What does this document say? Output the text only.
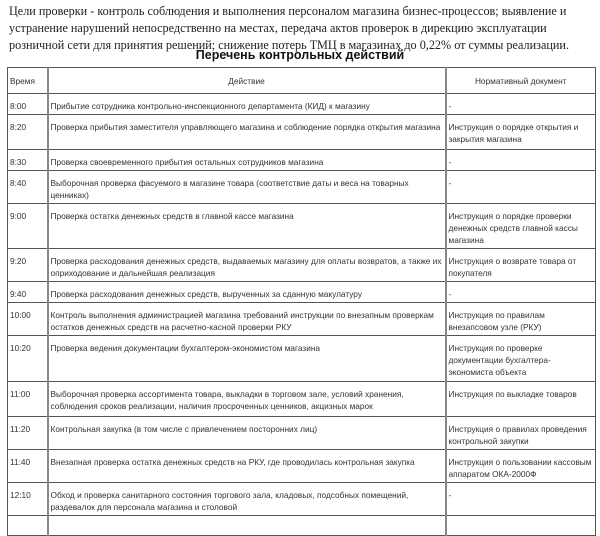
Цели проверки - контроль соблюдения и выполнения персоналом магазина бизнес-процессов; выявление и устранение нарушений непосредственно на местах, передача актов проверок в дирекцию эксплуатации розничной сети для принятия решений; снижение потерь ТМЦ в магазинах до 0,22% от суммы реализации.
Перечень контрольных действий
Время	Действие	Нормативный документ
8:00	Прибытие сотрудника контрольно-инспекционного департамента (КИД) к магазину	-
8:20	Проверка прибытия заместителя управляющего магазина и соблюдение порядка открытия магазина	Инструкция о порядке открытия и закрытия магазина
8:30	Проверка своевременного прибытия остальных сотрудников магазина	-
8:40	Выборочная проверка фасуемого в магазине товара (соответствие даты и веса на товарных ценниках)	-
9:00	Проверка остатка денежных средств в главной кассе магазина	Инструкция о порядке проверки денежных средств главной кассы магазина
9:20	Проверка расходования денежных средств, выдаваемых магазину для оплаты возвратов, а также их оприходование и дальнейшая реализация	Инструкция о возврате товара от покупателя
9:40	Проверка расходования денежных средств, вырученных за сданную макулатуру	-
10:00	Контроль выполнения администрацией магазина требований инструкции по внезапным проверкам остатков денежных средств на расчетно-касной проверки РКУ	Инструкция по правилам внезапсовом узле (РКУ)
10:20	Проверка ведения документации бухгалтером-экономистом магазина	Инструкция по проверке документации бухгалтера-экономиста объекта
11:00	Выборочная проверка ассортимента товара, выкладки в торговом зале, условий хранения, соблюдения сроков реализации, наличия просроченных ценников, акцизных марок	Инструкция по выкладке товаров
11:20	Контрольная закупка (в том числе с привлечением посторонних лиц)	Инструкция о правилах проведения контрольной закупки
11:40	Внезапная проверка остатка денежных средств на РКУ, где проводилась контрольная закупка	Инструкция о пользовании кассовым аппаратом ОКА-2000Ф
12:10	Обход и проверка санитарного состояния торгового зала, кладовых, подсобных помещений, раздевалок для персонала магазина и столовой	-
